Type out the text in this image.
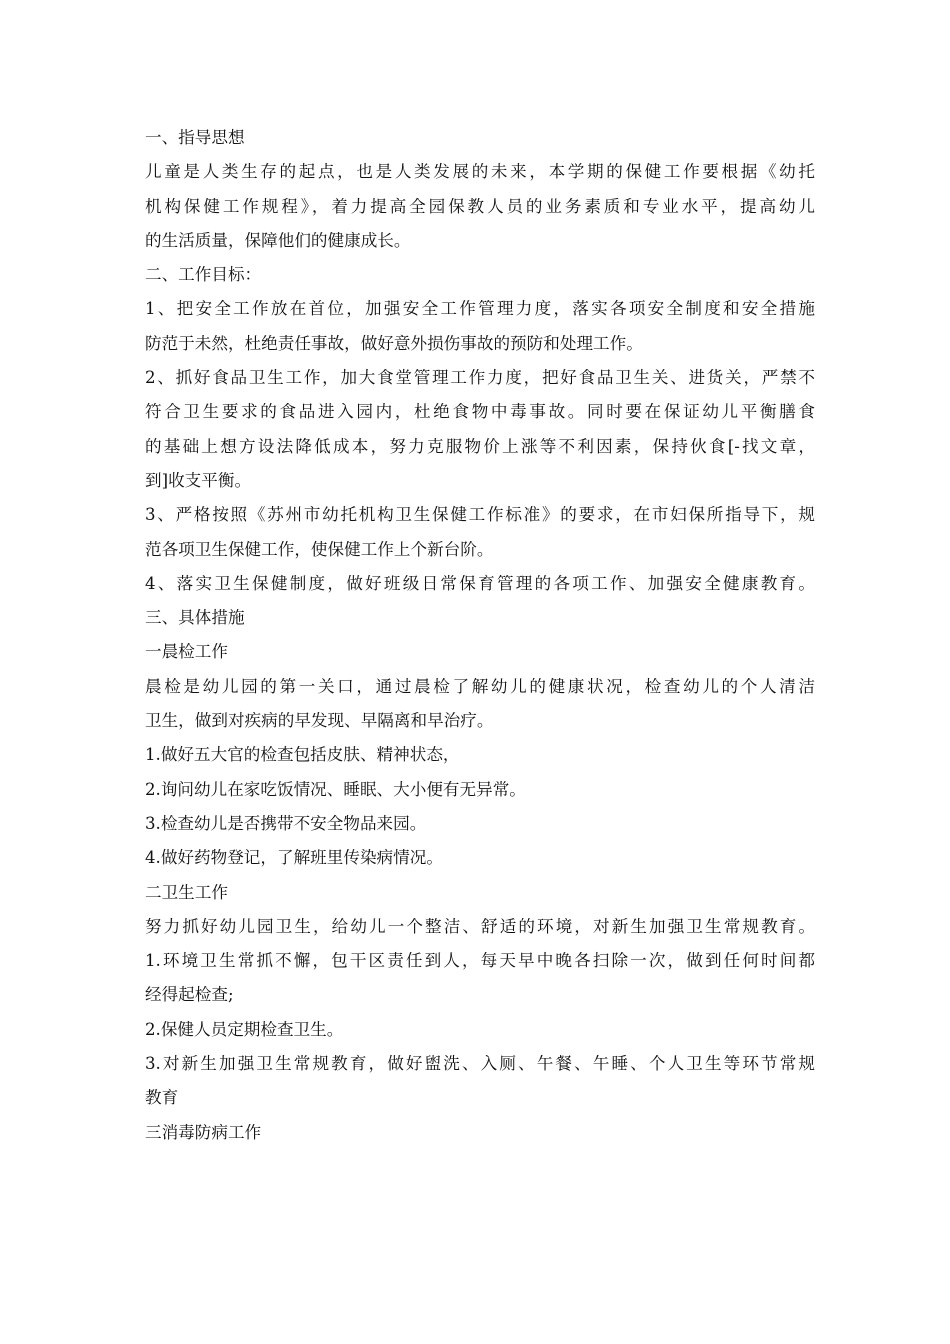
一、指导思想
儿童是人类生存的起点，也是人类发展的未来，本学期的保健工作要根据《幼托
机构保健工作规程》，着力提高全园保教人员的业务素质和专业水平，提高幼儿
的生活质量，保障他们的健康成长。
二、工作目标：
1、把安全工作放在首位，加强安全工作管理力度，落实各项安全制度和安全措施
防范于未然，杜绝责任事故，做好意外损伤事故的预防和处理工作。
2、抓好食品卫生工作，加大食堂管理工作力度，把好食品卫生关、进货关，严禁不
符合卫生要求的食品进入园内，杜绝食物中毒事故。同时要在保证幼儿平衡膳食
的基础上想方设法降低成本，努力克服物价上涨等不利因素，保持伙食[-找文章，
到]收支平衡。
3、严格按照《苏州市幼托机构卫生保健工作标准》的要求，在市妇保所指导下，规
范各项卫生保健工作，使保健工作上个新台阶。
4、落实卫生保健制度，做好班级日常保育管理的各项工作、加强安全健康教育。
三、具体措施
一晨检工作
晨检是幼儿园的第一关口，通过晨检了解幼儿的健康状况，检查幼儿的个人清洁
卫生，做到对疾病的早发现、早隔离和早治疗。
1.做好五大官的检查包括皮肤、精神状态，
2.询问幼儿在家吃饭情况、睡眠、大小便有无异常。
3.检查幼儿是否携带不安全物品来园。
4.做好药物登记，了解班里传染病情况。
二卫生工作
努力抓好幼儿园卫生，给幼儿一个整洁、舒适的环境，对新生加强卫生常规教育。
1.环境卫生常抓不懈，包干区责任到人，每天早中晚各扫除一次，做到任何时间都
经得起检查;
2.保健人员定期检查卫生。
3.对新生加强卫生常规教育，做好盥洗、入厕、午餐、午睡、个人卫生等环节常规
教育
三消毒防病工作
